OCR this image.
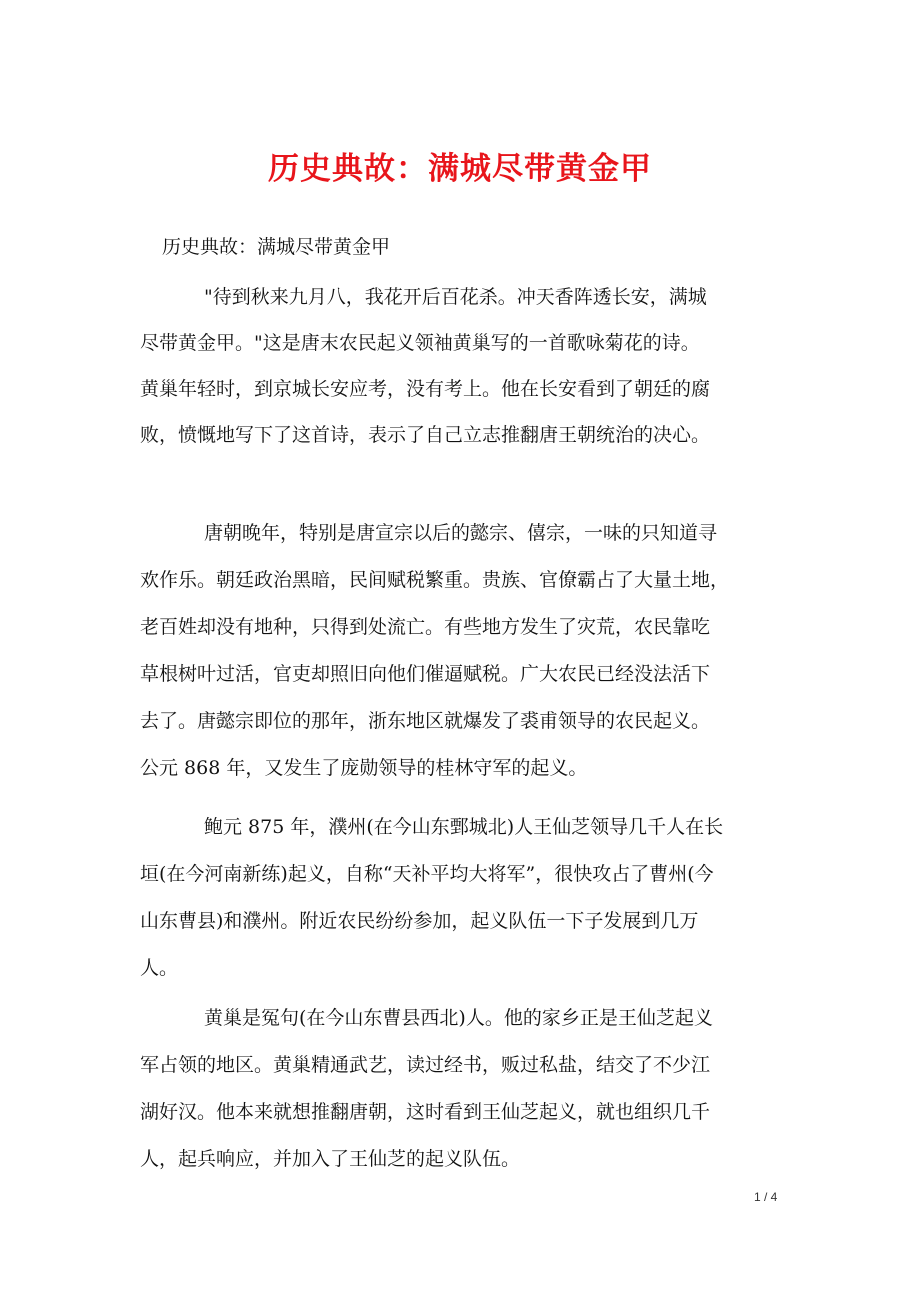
历史典故：满城尽带黄金甲
历史典故：满城尽带黄金甲
"待到秋来九月八，我花开后百花杀。冲天香阵透长安，满城
尽带黄金甲。"这是唐末农民起义领袖黄巢写的一首歌咏菊花的诗。
黄巢年轻时，到京城长安应考，没有考上。他在长安看到了朝廷的腐
败，愤慨地写下了这首诗，表示了自己立志推翻唐王朝统治的决心。
唐朝晚年，特别是唐宣宗以后的懿宗、僖宗，一味的只知道寻
欢作乐。朝廷政治黑暗，民间赋税繁重。贵族、官僚霸占了大量土地，
老百姓却没有地种，只得到处流亡。有些地方发生了灾荒，农民靠吃
草根树叶过活，官吏却照旧向他们催逼赋税。广大农民已经没法活下
去了。唐懿宗即位的那年，浙东地区就爆发了裘甫领导的农民起义。
公元 868 年，又发生了庞勋领导的桂林守军的起义。
鲍元 875 年，濮州(在今山东鄄城北)人王仙芝领导几千人在长
垣(在今河南新练)起义，自称“天补平均大将军”，很快攻占了曹州(今
山东曹县)和濮州。附近农民纷纷参加，起义队伍一下子发展到几万
人。
黄巢是冤句(在今山东曹县西北)人。他的家乡正是王仙芝起义
军占领的地区。黄巢精通武艺，读过经书，贩过私盐，结交了不少江
湖好汉。他本来就想推翻唐朝，这时看到王仙芝起义，就也组织几千
人，起兵响应，并加入了王仙芝的起义队伍。
1 / 4
